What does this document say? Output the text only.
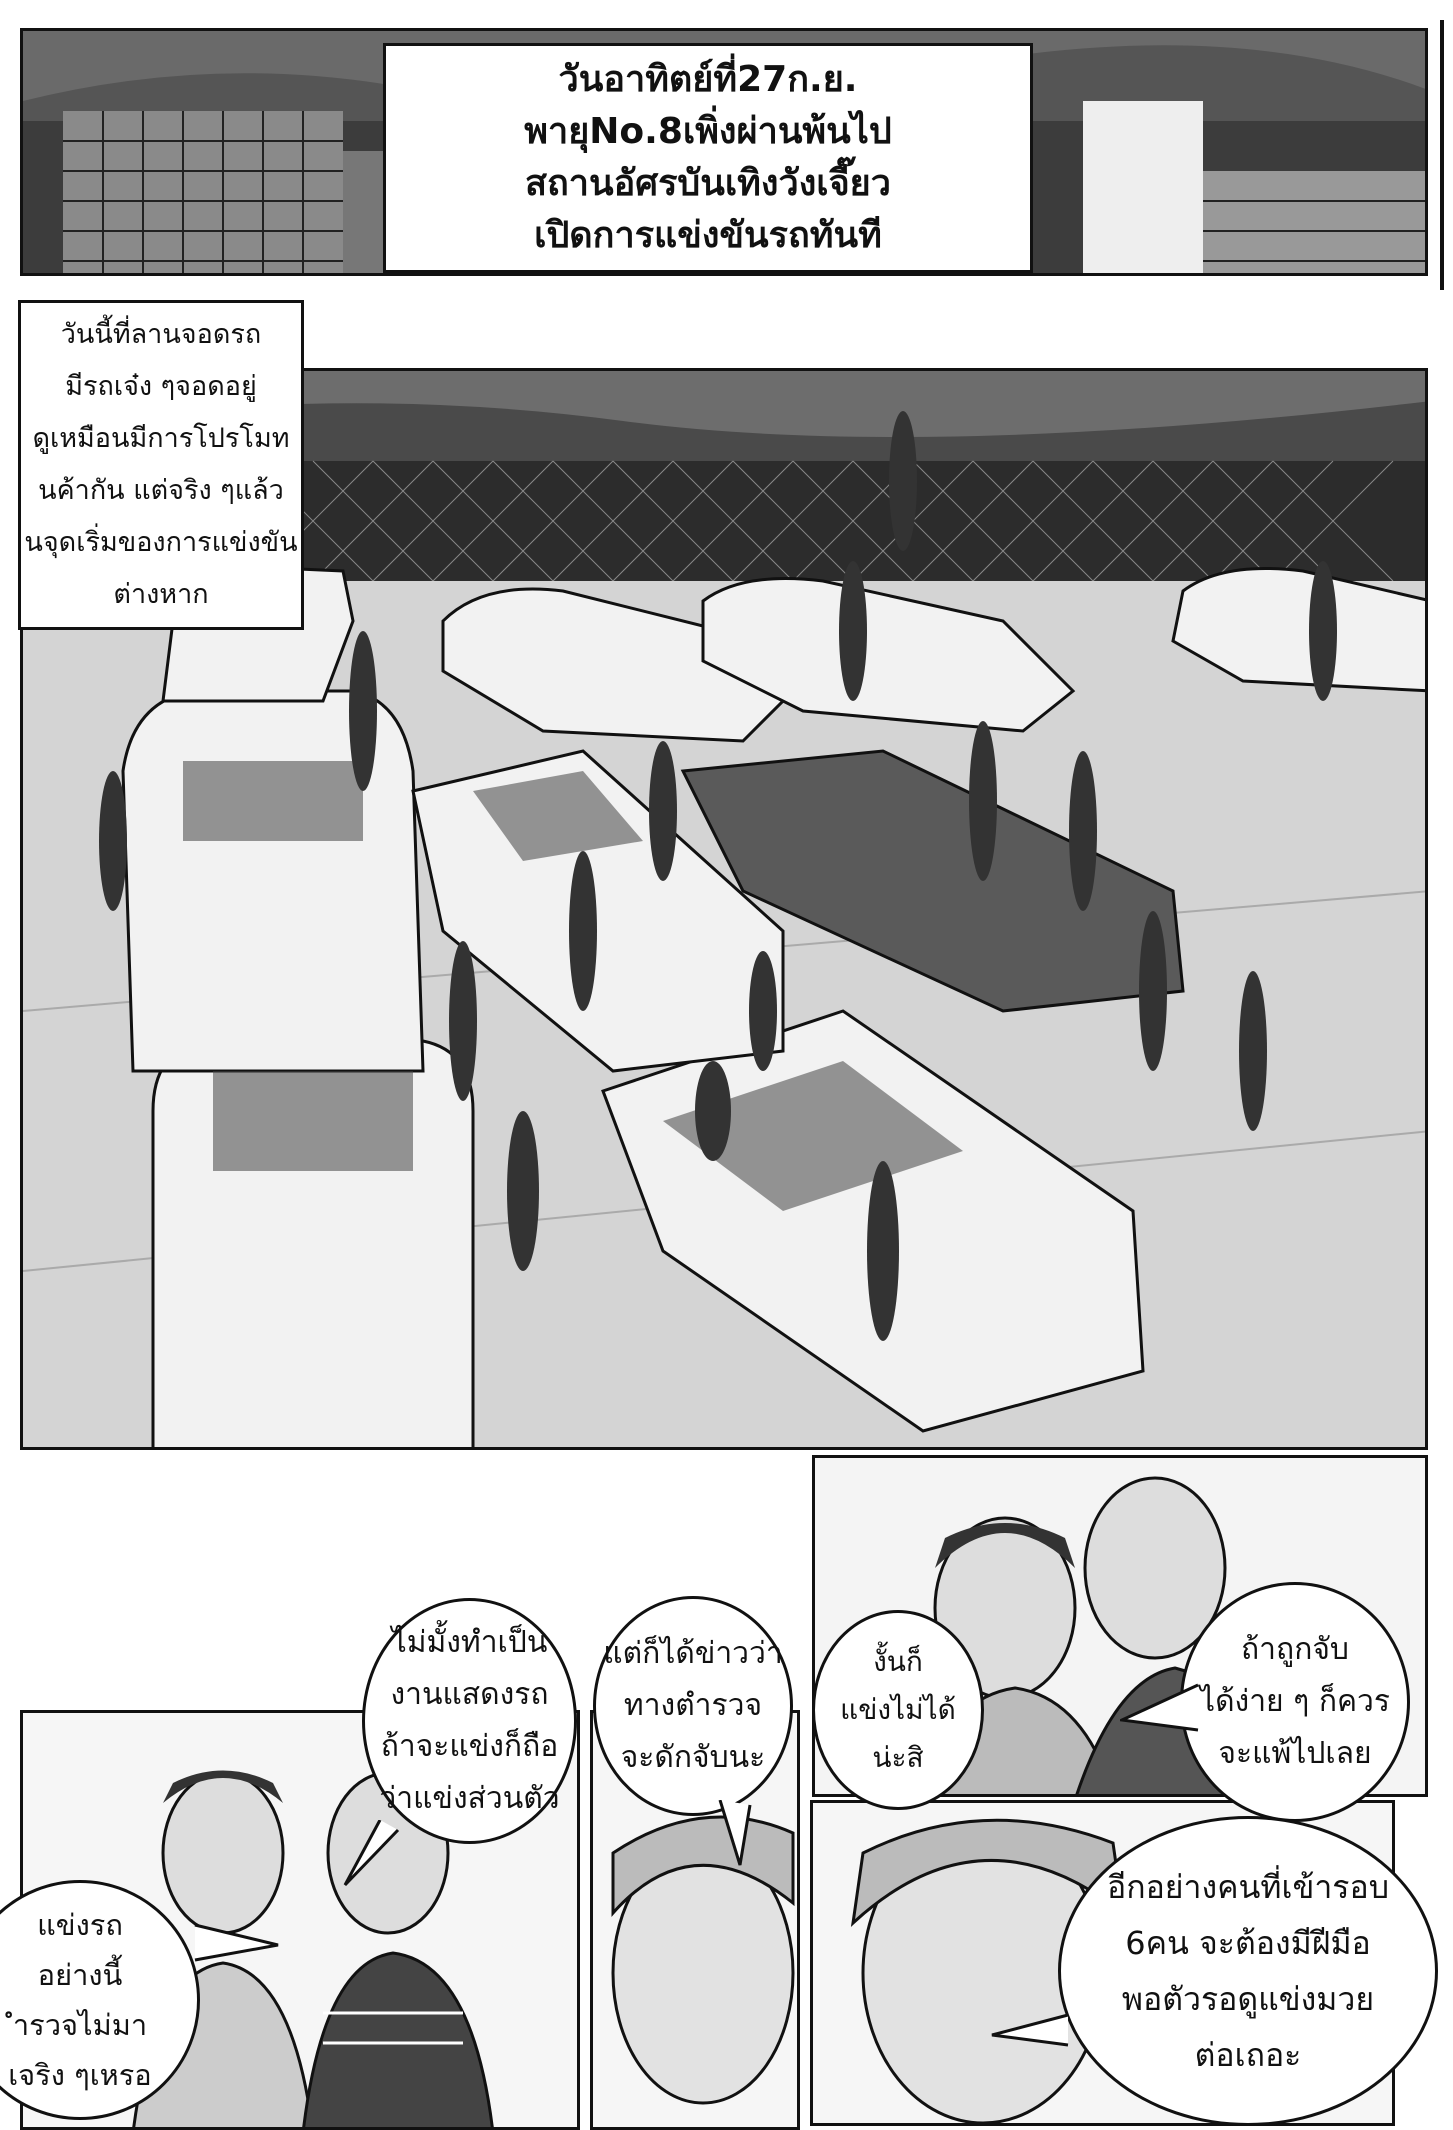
วันอาทิตย์ที่27ก.ย.
พายุNo.8เพิ่งผ่านพ้นไป
สถานอัศรบันเทิงวังเจี๊ยว
เปิดการแข่งขันรถทันที
วันนี้ที่ลานจอดรถ
มีรถเจ๋ง ๆจอดอยู่
ดูเหมือนมีการโปรโมท
นค้ากัน แต่จริง ๆแล้ว
นจุดเริ่มของการแข่งขัน
ต่างหาก
ไม่มั้งทำเป็น
งานแสดงรถ
ถ้าจะแข่งก็ถือ
ว่าแข่งส่วนตัว
แต่ก็ได้ข่าวว่า
ทางตำรวจ
จะดักจับนะ
งั้นก็
แข่งไม่ได้
น่ะสิ
ถ้าถูกจับ
ได้ง่าย ๆ ก็ควร
จะแพ้ไปเลย
แข่งรถ
อย่างนี้
ำรวจไม่มา
เจริง ๆเหรอ
อีกอย่างคนที่เข้ารอบ
6คน จะต้องมีฝีมือ
พอตัวรอดูแข่งมวย
ต่อเถอะ
